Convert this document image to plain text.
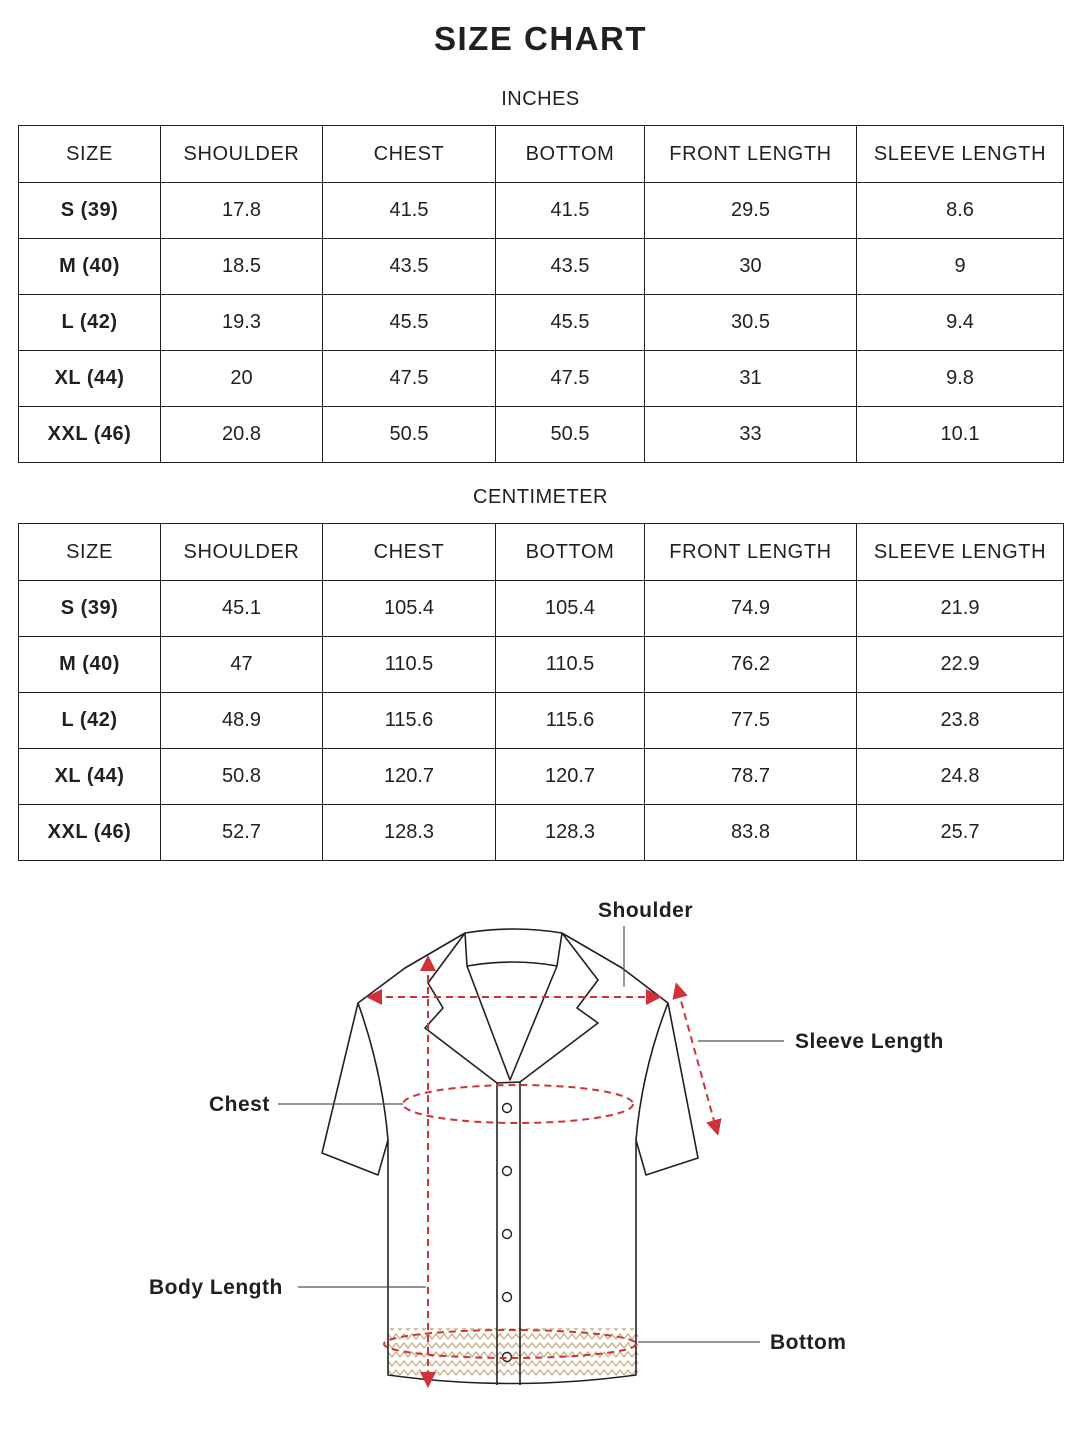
SIZE CHART
INCHES
SIZE	SHOULDER	CHEST	BOTTOM	FRONT LENGTH	SLEEVE LENGTH
S (39)	17.8	41.5	41.5	29.5	8.6
M (40)	18.5	43.5	43.5	30	9
L (42)	19.3	45.5	45.5	30.5	9.4
XL (44)	20	47.5	47.5	31	9.8
XXL (46)	20.8	50.5	50.5	33	10.1
CENTIMETER
SIZE	SHOULDER	CHEST	BOTTOM	FRONT LENGTH	SLEEVE LENGTH
S (39)	45.1	105.4	105.4	74.9	21.9
M (40)	47	110.5	110.5	76.2	22.9
L (42)	48.9	115.6	115.6	77.5	23.8
XL (44)	50.8	120.7	120.7	78.7	24.8
XXL (46)	52.7	128.3	128.3	83.8	25.7
Shoulder
Sleeve Length
Chest
Body Length
Bottom
